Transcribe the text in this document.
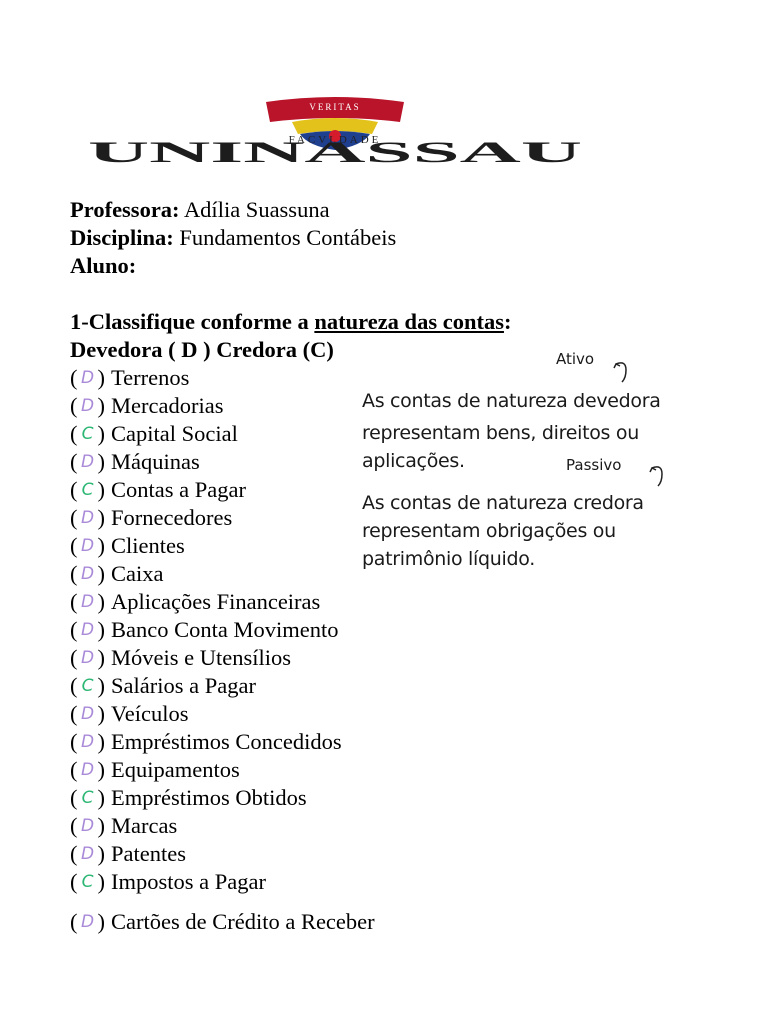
VERITAS
FACVLDADE
UNINASSAU
Professora: Adília Suassuna
Disciplina: Fundamentos Contábeis
Aluno:
1-Classifique conforme a natureza das contas:
Devedora ( D ) Credora (C)
( D ) Terrenos
( D ) Mercadorias
( C ) Capital Social
( D ) Máquinas
( C ) Contas a Pagar
( D ) Fornecedores
( D ) Clientes
( D ) Caixa
( D ) Aplicações Financeiras
( D ) Banco Conta Movimento
( D ) Móveis e Utensílios
( C ) Salários a Pagar
( D ) Veículos
( D ) Empréstimos Concedidos
( D ) Equipamentos
( C ) Empréstimos Obtidos
( D ) Marcas
( D ) Patentes
( C ) Impostos a Pagar
( D ) Cartões de Crédito a Receber
Ativo
As contas de natureza devedora
representam bens, direitos ou
aplicações.	Passivo
As contas de natureza credora
representam obrigações ou
patrimônio líquido.
